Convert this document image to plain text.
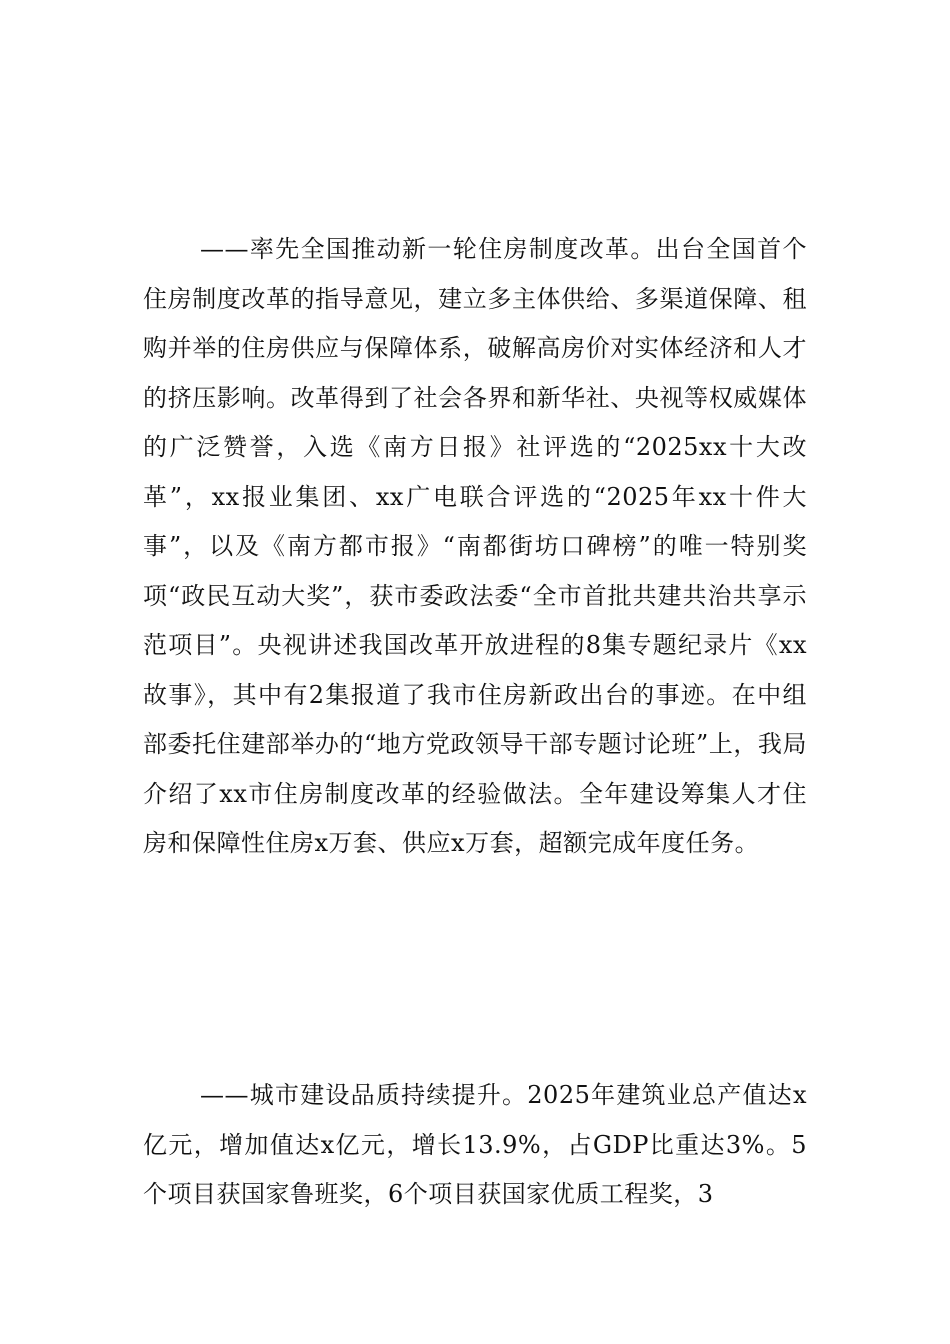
——率先全国推动新一轮住房制度改革。出台全国首个住房制度改革的指导意见，建立多主体供给、多渠道保障、租购并举的住房供应与保障体系，破解高房价对实体经济和人才的挤压影响。改革得到了社会各界和新华社、央视等权威媒体的广泛赞誉，入选《南方日报》社评选的“2025xx十大改革”，xx报业集团、xx广电联合评选的“2025年xx十件大事”，以及《南方都市报》“南都街坊口碑榜”的唯一特别奖项“政民互动大奖”，获市委政法委“全市首批共建共治共享示范项目”。央视讲述我国改革开放进程的8集专题纪录片《xx故事》，其中有2集报道了我市住房新政出台的事迹。在中组部委托住建部举办的“地方党政领导干部专题讨论班”上，我局介绍了xx市住房制度改革的经验做法。全年建设筹集人才住房和保障性住房x万套、供应x万套，超额完成年度任务。

——城市建设品质持续提升。2025年建筑业总产值达x亿元，增加值达x亿元，增长13.9%，占GDP比重达3%。5个项目获国家鲁班奖，6个项目获国家优质工程奖，3
